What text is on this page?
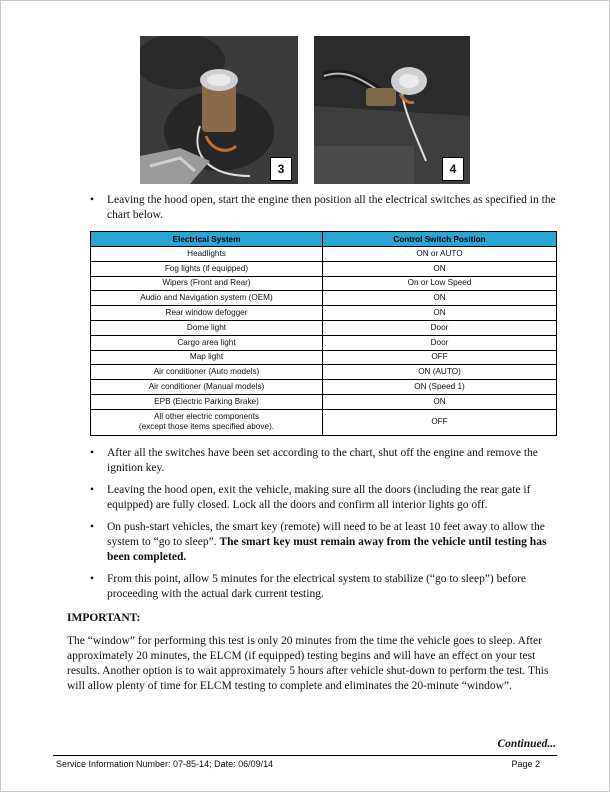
3	4
•	Leaving the hood open, start the engine then position all the electrical switches as specified in the chart below.
Electrical System	Control Switch Position
Headlights	ON or AUTO
Fog lights (if equipped)	ON
Wipers (Front and Rear)	On or Low Speed
Audio and Navigation system (OEM)	ON
Rear window defogger	ON
Dome light	Door
Cargo area light	Door
Map light	OFF
Air conditioner (Auto models)	ON (AUTO)
Air conditioner (Manual models)	ON (Speed 1)
EPB (Electric Parking Brake)	ON
All other electric components
(except those items specified above).	OFF
•	After all the switches have been set according to the chart, shut off the engine and remove the ignition key.
•	Leaving the hood open, exit the vehicle, making sure all the doors (including the rear gate if equipped) are fully closed. Lock all the doors and confirm all interior lights go off.
•	On push-start vehicles, the smart key (remote) will need to be at least 10 feet away to allow the system to “go to sleep”. The smart key must remain away from the vehicle until testing has been completed.
•	From this point, allow 5 minutes for the electrical system to stabilize (“go to sleep”) before proceeding with the actual dark current testing.
IMPORTANT:
The “window” for performing this test is only 20 minutes from the time the vehicle goes to sleep. After approximately 20 minutes, the ELCM (if equipped) testing begins and will have an effect on your test results. Another option is to wait approximately 5 hours after vehicle shut-down to perform the test. This will allow plenty of time for ELCM testing to complete and eliminates the 20-minute “window”.
Continued...
Service Information Number: 07-85-14; Date: 06/09/14	Page 2
